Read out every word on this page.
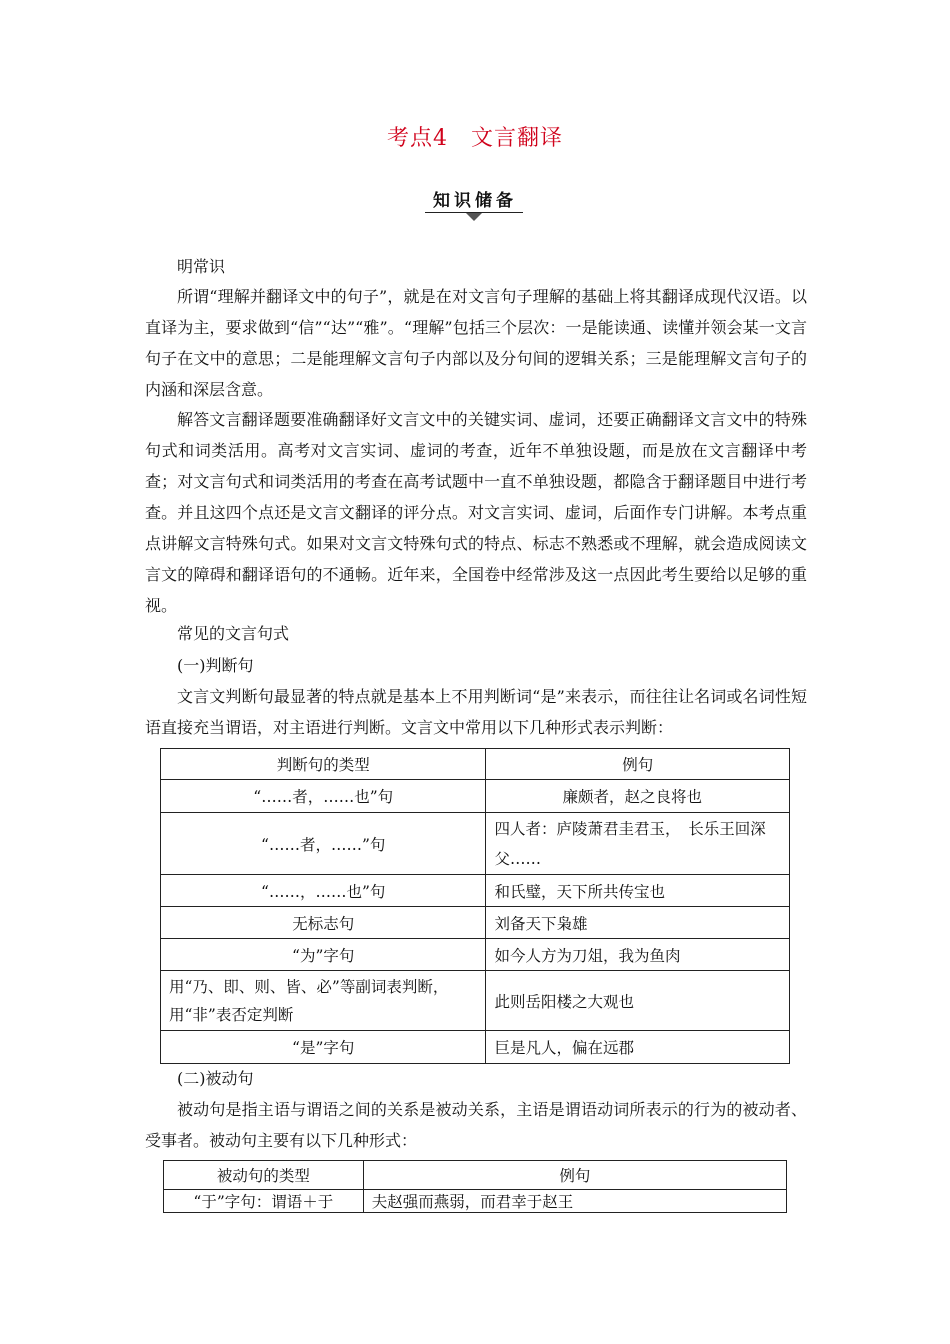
考点4　文言翻译
知识储备
明常识
所谓“理解并翻译文中的句子”，就是在对文言句子理解的基础上将其翻译成现代汉语。以直译为主，要求做到“信”“达”“雅”。“理解”包括三个层次：一是能读通、读懂并领会某一文言句子在文中的意思；二是能理解文言句子内部以及分句间的逻辑关系；三是能理解文言句子的内涵和深层含意。
解答文言翻译题要准确翻译好文言文中的关键实词、虚词，还要正确翻译文言文中的特殊句式和词类活用。高考对文言实词、虚词的考查，近年不单独设题，而是放在文言翻译中考查；对文言句式和词类活用的考查在高考试题中一直不单独设题，都隐含于翻译题目中进行考查。并且这四个点还是文言文翻译的评分点。对文言实词、虚词，后面作专门讲解。本考点重点讲解文言特殊句式。如果对文言文特殊句式的特点、标志不熟悉或不理解，就会造成阅读文言文的障碍和翻译语句的不通畅。近年来，全国卷中经常涉及这一点因此考生要给以足够的重视。
常见的文言句式
(一)判断句
文言文判断句最显著的特点就是基本上不用判断词“是”来表示，而往往让名词或名词性短语直接充当谓语，对主语进行判断。文言文中常用以下几种形式表示判断：
判断句的类型	例句
“……者，……也”句	廉颇者，赵之良将也
“……者，……”句	四人者：庐陵萧君圭君玉，　长乐王回深父……
“……，……也”句	和氏璧，天下所共传宝也
无标志句	刘备天下枭雄
“为”字句	如今人方为刀俎，我为鱼肉
用“乃、即、则、皆、必”等副词表判断，用“非”表否定判断	此则岳阳楼之大观也
“是”字句	巨是凡人，偏在远郡
(二)被动句
被动句是指主语与谓语之间的关系是被动关系，主语是谓语动词所表示的行为的被动者、受事者。被动句主要有以下几种形式：
被动句的类型	例句
“于”字句：谓语＋于	夫赵强而燕弱，而君幸于赵王
